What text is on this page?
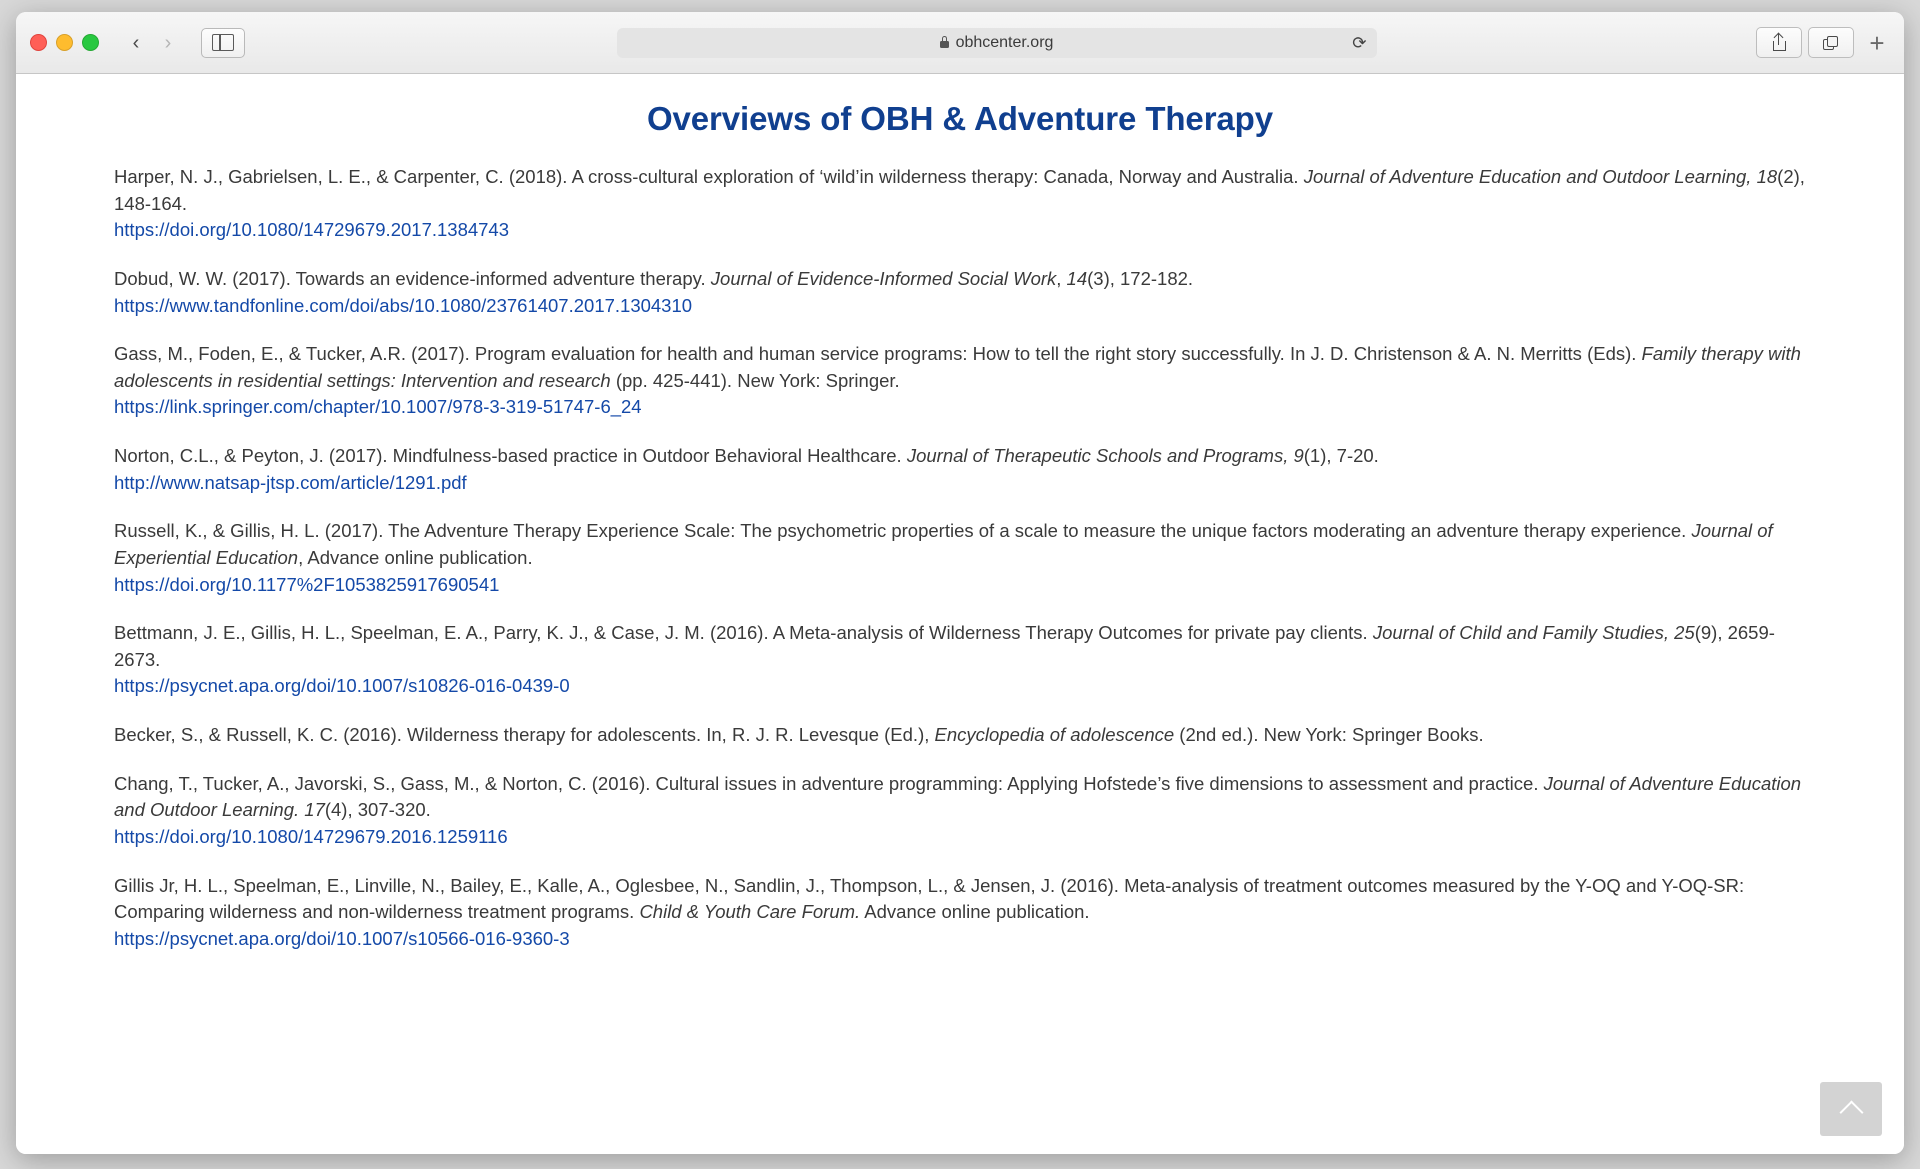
‹	›	obhcenter.org	⟳	+
Overviews of OBH & Adventure Therapy
Harper, N. J., Gabrielsen, L. E., & Carpenter, C. (2018). A cross-cultural exploration of ‘wild’in wilderness therapy: Canada, Norway and Australia. Journal of Adventure Education and Outdoor Learning, 18(2), 148-164.
https://doi.org/10.1080/14729679.2017.1384743
Dobud, W. W. (2017). Towards an evidence-informed adventure therapy. Journal of Evidence-Informed Social Work, 14(3), 172-182.
https://www.tandfonline.com/doi/abs/10.1080/23761407.2017.1304310
Gass, M., Foden, E., & Tucker, A.R. (2017). Program evaluation for health and human service programs: How to tell the right story successfully. In J. D. Christenson & A. N. Merritts (Eds). Family therapy with adolescents in residential settings: Intervention and research (pp. 425-441). New York: Springer.
https://link.springer.com/chapter/10.1007/978-3-319-51747-6_24
Norton, C.L., & Peyton, J. (2017). Mindfulness-based practice in Outdoor Behavioral Healthcare. Journal of Therapeutic Schools and Programs, 9(1), 7-20.
http://www.natsap-jtsp.com/article/1291.pdf
Russell, K., & Gillis, H. L. (2017). The Adventure Therapy Experience Scale: The psychometric properties of a scale to measure the unique factors moderating an adventure therapy experience. Journal of Experiential Education, Advance online publication.
https://doi.org/10.1177%2F1053825917690541
Bettmann, J. E., Gillis, H. L., Speelman, E. A., Parry, K. J., & Case, J. M. (2016). A Meta-analysis of Wilderness Therapy Outcomes for private pay clients. Journal of Child and Family Studies, 25(9), 2659-2673.
https://psycnet.apa.org/doi/10.1007/s10826-016-0439-0
Becker, S., & Russell, K. C. (2016). Wilderness therapy for adolescents. In, R. J. R. Levesque (Ed.), Encyclopedia of adolescence (2nd ed.). New York: Springer Books.
Chang, T., Tucker, A., Javorski, S., Gass, M., & Norton, C. (2016). Cultural issues in adventure programming: Applying Hofstede’s five dimensions to assessment and practice. Journal of Adventure Education and Outdoor Learning. 17(4), 307-320.
https://doi.org/10.1080/14729679.2016.1259116
Gillis Jr, H. L., Speelman, E., Linville, N., Bailey, E., Kalle, A., Oglesbee, N., Sandlin, J., Thompson, L., & Jensen, J. (2016). Meta-analysis of treatment outcomes measured by the Y-OQ and Y-OQ-SR: Comparing wilderness and non-wilderness treatment programs. Child & Youth Care Forum. Advance online publication.
https://psycnet.apa.org/doi/10.1007/s10566-016-9360-3
